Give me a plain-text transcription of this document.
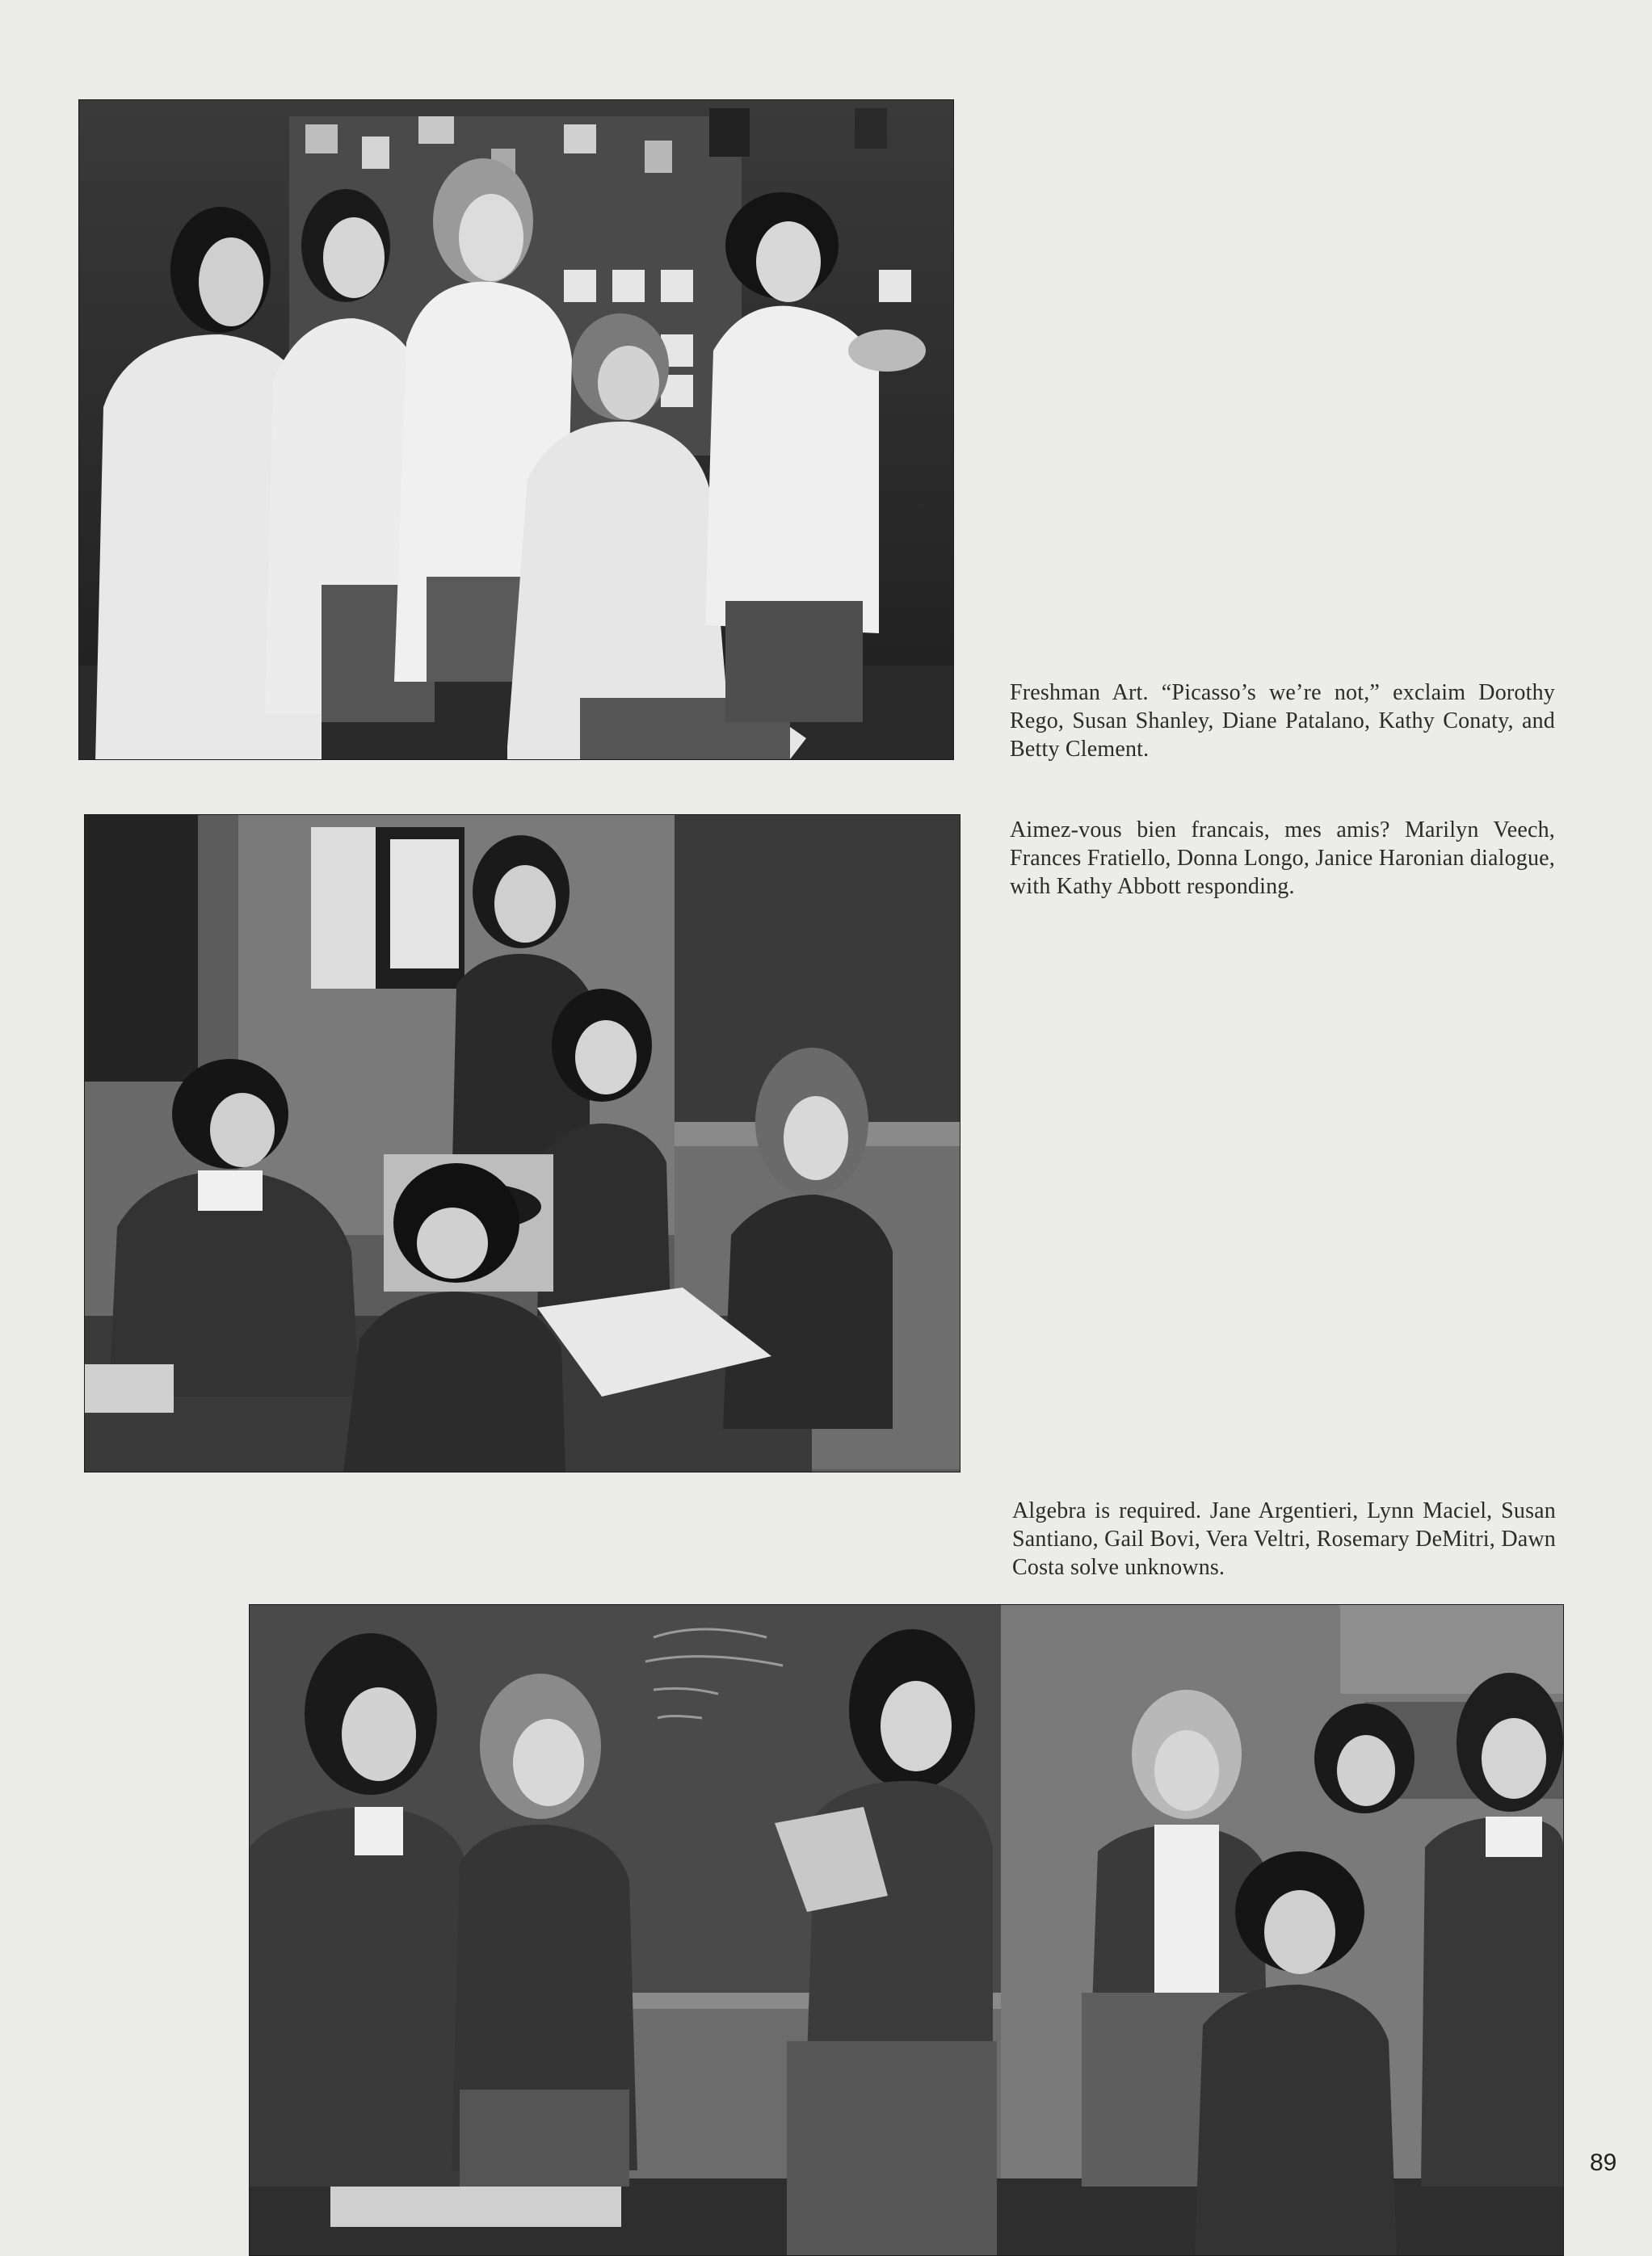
Freshman Art. “Picasso’s we’re not,” exclaim Dorothy Rego, Susan Shanley, Diane Patalano, Kathy Conaty, and Betty Clement.
Aimez-vous bien francais, mes amis? Marilyn Veech, Frances Fratiello, Donna Longo, Janice Haronian dialogue, with Kathy Abbott responding.
Algebra is required. Jane Argentieri, Lynn Maciel, Susan Santiano, Gail Bovi, Vera Veltri, Rosemary DeMitri, Dawn Costa solve unknowns.
89
